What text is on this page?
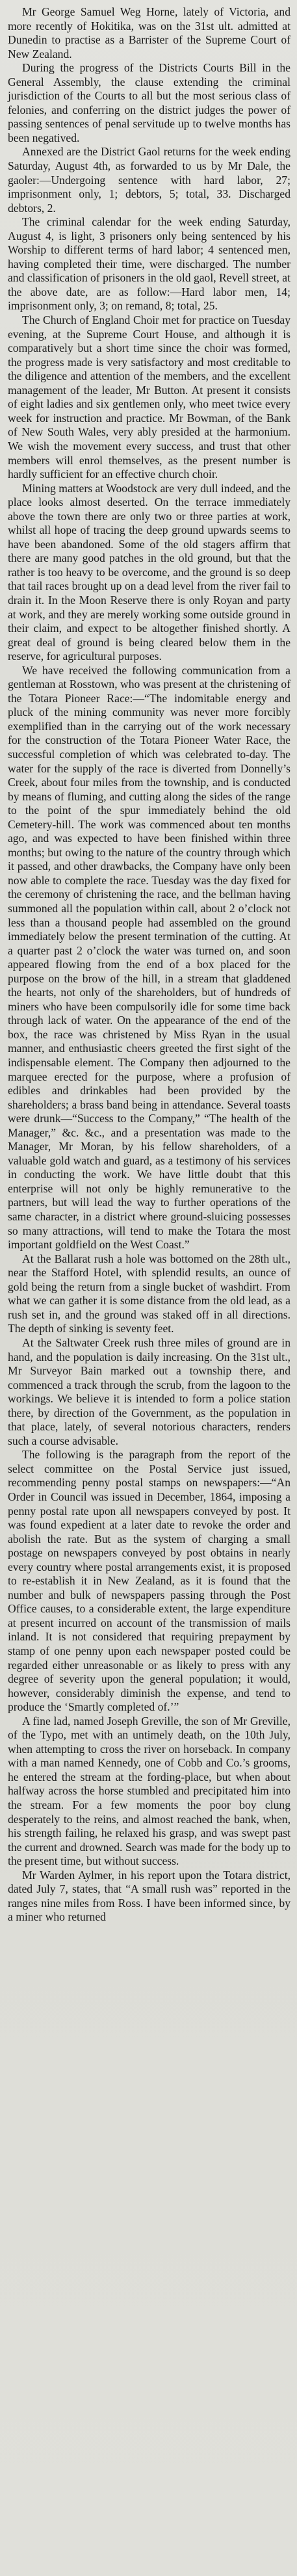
Mr George Samuel Weg Horne, lately of Victoria, and more recently of Hokitika, was on the 31st ult. admitted at Dunedin to practise as a Barrister of the Supreme Court of New Zealand.

During the progress of the Districts Courts Bill in the General Assembly, the clause extending the criminal jurisdiction of the Courts to all but the most serious class of felonies, and conferring on the district judges the power of passing sentences of penal servitude up to twelve months has been negatived.

Annexed are the District Gaol returns for the week ending Saturday, August 4th, as forwarded to us by Mr Dale, the gaoler:—Undergoing sentence with hard labor, 27; imprisonment only, 1; debtors, 5; total, 33. Discharged debtors, 2.

The criminal calendar for the week ending Saturday, August 4, is light, 3 prisoners only being sentenced by his Worship to different terms of hard labor; 4 sentenced men, having completed their time, were discharged. The number and classification of prisoners in the old gaol, Revell street, at the above date, are as follow:—Hard labor men, 14; imprisonment only, 3; on remand, 8; total, 25.

The Church of England Choir met for practice on Tuesday evening, at the Supreme Court House, and although it is comparatively but a short time since the choir was formed, the progress made is very satisfactory and most creditable to the diligence and attention of the members, and the excellent management of the leader, Mr Button. At present it consists of eight ladies and six gentlemen only, who meet twice every week for instruction and practice. Mr Bowman, of the Bank of New South Wales, very ably presided at the harmonium. We wish the movement every success, and trust that other members will enrol themselves, as the present number is hardly sufficient for an effective church choir.

Mining matters at Woodstock are very dull indeed, and the place looks almost deserted. On the terrace immediately above the town there are only two or three parties at work, whilst all hope of tracing the deep ground upwards seems to have been abandoned. Some of the old stagers affirm that there are many good patches in the old ground, but that the rather is too heavy to be overcome, and the ground is so deep that tail races brought up on a dead level from the river fail to drain it. In the Moon Reserve there is only Royan and party at work, and they are merely working some outside ground in their claim, and expect to be altogether finished shortly. A great deal of ground is being cleared below them in the reserve, for agricultural purposes.

We have received the following communication from a gentleman at Rosstown, who was present at the christening of the Totara Pioneer Race:—“The indomitable energy and pluck of the mining community was never more forcibly exemplified than in the carrying out of the work necessary for the construction of the Totara Pioneer Water Race, the successful completion of which was celebrated to-day. The water for the supply of the race is diverted from Donnelly’s Creek, about four miles from the township, and is conducted by means of fluming, and cutting along the sides of the range to the point of the spur immediately behind the old Cemetery-hill. The work was commenced about ten months ago, and was expected to have been finished within three months; but owing to the nature of the country through which it passed, and other drawbacks, the Company have only been now able to complete the race. Tuesday was the day fixed for the ceremony of christening the race, and the bellman having summoned all the population within call, about 2 o’clock not less than a thousand people had assembled on the ground immediately below the present termination of the cutting. At a quarter past 2 o’clock the water was turned on, and soon appeared flowing from the end of a box placed for the purpose on the brow of the hill, in a stream that gladdened the hearts, not only of the shareholders, but of hundreds of miners who have been compulsorily idle for some time back through lack of water. On the appearance of the end of the box, the race was christened by Miss Ryan in the usual manner, and enthusiastic cheers greeted the first sight of the indispensable element. The Company then adjourned to the marquee erected for the purpose, where a profusion of edibles and drinkables had been provided by the shareholders; a brass band being in attendance. Several toasts were drunk—“Success to the Company,” “The health of the Manager,” &c. &c., and a presentation was made to the Manager, Mr Moran, by his fellow shareholders, of a valuable gold watch and guard, as a testimony of his services in conducting the work. We have little doubt that this enterprise will not only be highly remunerative to the partners, but will lead the way to further operations of the same character, in a district where ground-sluicing possesses so many attractions, will tend to make the Totara the most important goldfield on the West Coast.”

At the Ballarat rush a hole was bottomed on the 28th ult., near the Stafford Hotel, with splendid results, an ounce of gold being the return from a single bucket of washdirt. From what we can gather it is some distance from the old lead, as a rush set in, and the ground was staked off in all directions. The depth of sinking is seventy feet.

At the Saltwater Creek rush three miles of ground are in hand, and the population is daily increasing. On the 31st ult., Mr Surveyor Bain marked out a township there, and commenced a track through the scrub, from the lagoon to the workings. We believe it is intended to form a police station there, by direction of the Government, as the population in that place, lately, of several notorious characters, renders such a course advisable.

The following is the paragraph from the report of the select committee on the Postal Service just issued, recommending penny postal stamps on newspapers:—“An Order in Council was issued in December, 1864, imposing a penny postal rate upon all newspapers conveyed by post. It was found expedient at a later date to revoke the order and abolish the rate. But as the system of charging a small postage on newspapers conveyed by post obtains in nearly every country where postal arrangements exist, it is proposed to re-establish it in New Zealand, as it is found that the number and bulk of newspapers passing through the Post Office causes, to a considerable extent, the large expenditure at present incurred on account of the transmission of mails inland. It is not considered that requiring prepayment by stamp of one penny upon each newspaper posted could be regarded either unreasonable or as likely to press with any degree of severity upon the general population; it would, however, considerably diminish the expense, and tend to produce the ‘Smartly completed of.’”

A fine lad, named Joseph Greville, the son of Mr Greville, of the Typo, met with an untimely death, on the 10th July, when attempting to cross the river on horseback. In company with a man named Kennedy, one of Cobb and Co.’s grooms, he entered the stream at the fording-place, but when about halfway across the horse stumbled and precipitated him into the stream. For a few moments the poor boy clung desperately to the reins, and almost reached the bank, when, his strength failing, he relaxed his grasp, and was swept past the current and drowned. Search was made for the body up to the present time, but without success.

Mr Warden Aylmer, in his report upon the Totara district, dated July 7, states, that “A small rush was” reported in the ranges nine miles from Ross. I have been informed since, by a miner who returned
